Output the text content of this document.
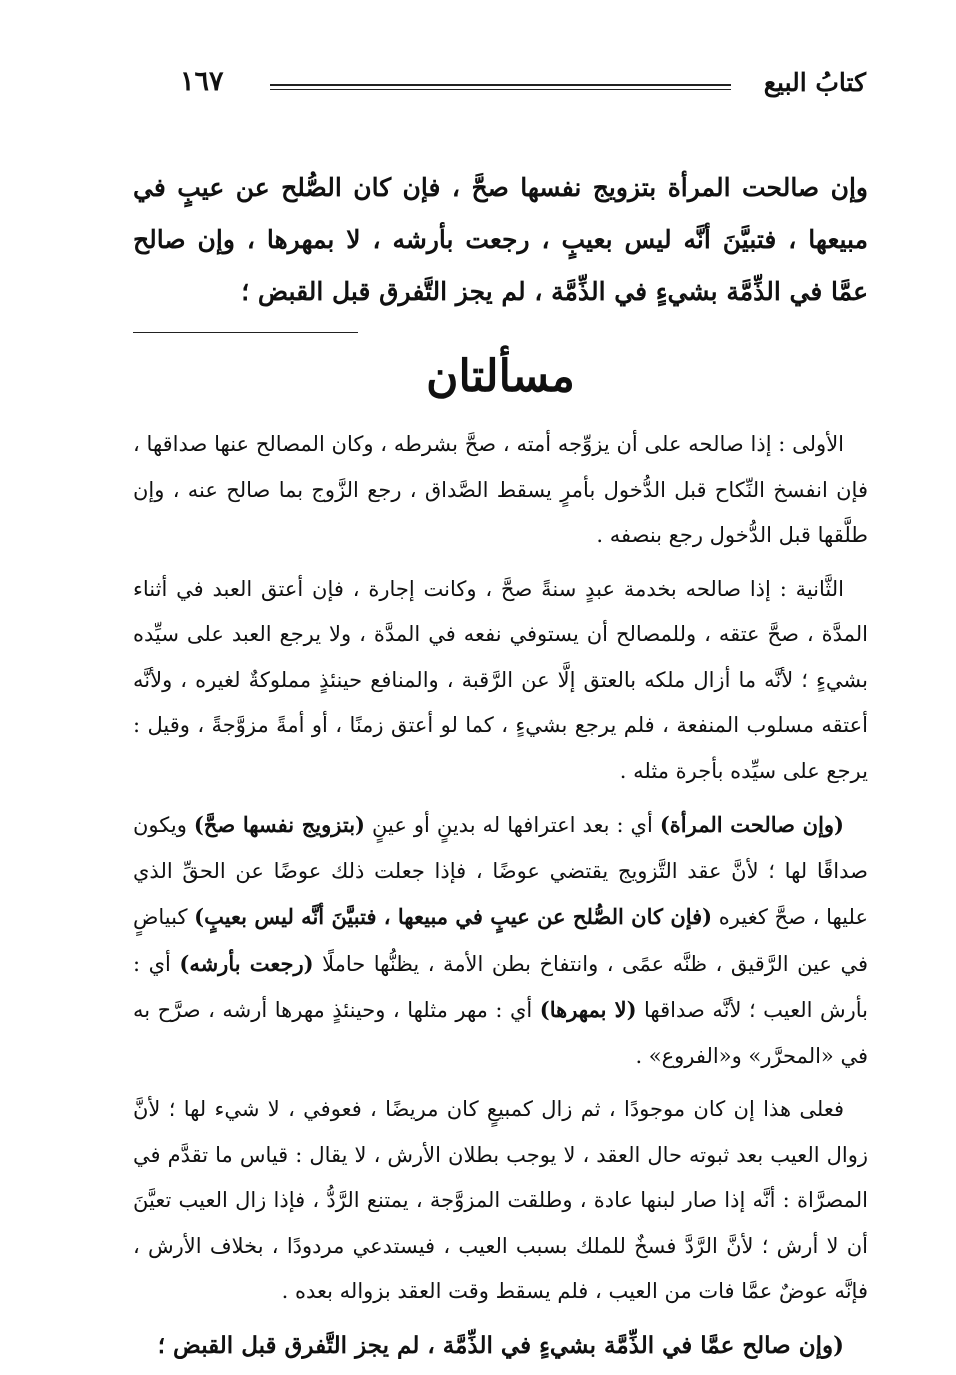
كتابُ البيع
١٦٧

وإن صالحت المرأة بتزويج نفسها صحَّ ، فإن كان الصُّلح عن عيبٍ في مبيعها ، فتبيَّنَ أنَّه ليس بعيبٍ ، رجعت بأرشه ، لا بمهرها ، وإن صالح عمَّا في الذِّمَّة بشيءٍ في الذِّمَّة ، لم يجز التَّفرق قبل القبض ؛

مسألتان

الأولى : إذا صالحه على أن يزوِّجه أمته ، صحَّ بشرطه ، وكان المصالح عنها صداقها ، فإن انفسخ النِّكاح قبل الدُّخول بأمرٍ يسقط الصَّداق ، رجع الزَّوج بما صالح عنه ، وإن طلَّقها قبل الدُّخول رجع بنصفه .

الثَّانية : إذا صالحه بخدمة عبدٍ سنةً صحَّ ، وكانت إجارة ، فإن أعتق العبد في أثناء المدَّة ، صحَّ عتقه ، وللمصالح أن يستوفي نفعه في المدَّة ، ولا يرجع العبد على سيِّده بشيءٍ ؛ لأنَّه ما أزال ملكه بالعتق إلَّا عن الرَّقبة ، والمنافع حينئذٍ مملوكةٌ لغيره ، ولأنَّه أعتقه مسلوب المنفعة ، فلم يرجع بشيءٍ ، كما لو أعتق زمنًا ، أو أمةً مزوَّجةً ، وقيل : يرجع على سيِّده بأجرة مثله .

(وإن صالحت المرأة) أي : بعد اعترافها له بدينٍ أو عينٍ (بتزويج نفسها صحَّ) ويكون صداقًا لها ؛ لأنَّ عقد التَّزويج يقتضي عوضًا ، فإذا جعلت ذلك عوضًا عن الحقِّ الذي عليها ، صحَّ كغيره (فإن كان الصُّلح عن عيبٍ في مبيعها ، فتبيَّنَ أنَّه ليس بعيبٍ) كبياضٍ في عين الرَّقيق ، ظنَّه عمًى ، وانتفاخ بطن الأمة ، يظنُّها حاملًا (رجعت بأرشه) أي : بأرش العيب ؛ لأنَّه صداقها (لا بمهرها) أي : مهر مثلها ، وحينئذٍ مهرها أرشه ، صرَّح به في «المحرَّر» و«الفروع» .

فعلى هذا إن كان موجودًا ، ثم زال كمبيعٍ كان مريضًا ، فعوفي ، لا شيء لها ؛ لأنَّ زوال العيب بعد ثبوته حال العقد ، لا يوجب بطلان الأرش ، لا يقال : قياس ما تقدَّم في المصرَّاة : أنَّه إذا صار لبنها عادة ، وطلقت المزوَّجة ، يمتنع الرَّدُّ ، فإذا زال العيب تعيَّنَ أن لا أرش ؛ لأنَّ الرَّدَّ فسخٌ للملك بسبب العيب ، فيستدعي مردودًا ، بخلاف الأرش ، فإنَّه عوضٌ عمَّا فات من العيب ، فلم يسقط وقت العقد بزواله بعده .

(وإن صالح عمَّا في الذِّمَّة بشيءٍ في الذِّمَّة ، لم يجز التَّفرق قبل القبض ؛
